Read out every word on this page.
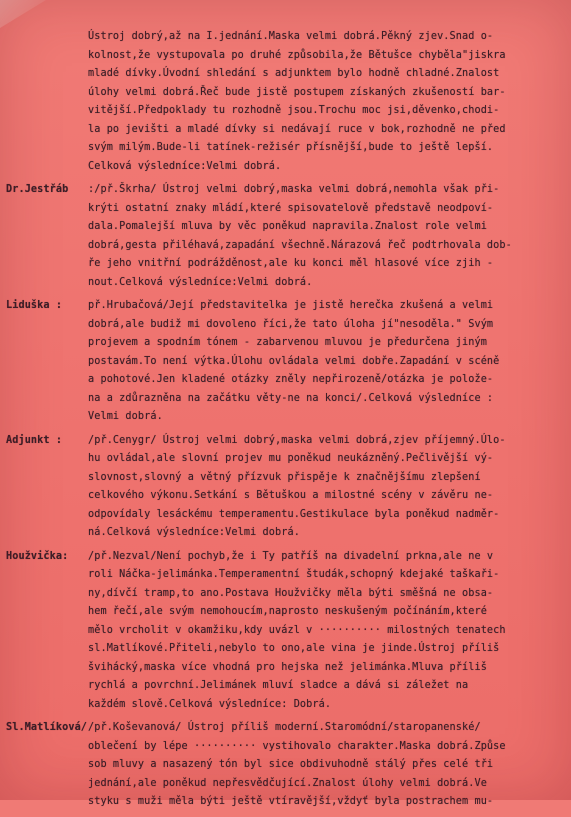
Ústroj dobrý,až na I.jednání.Maska velmi dobrá.Pěkný zjev.Snad o-
kolnost,že vystupovala po druhé způsobila,že Bětušce chyběla"jiskra
mladé dívky.Úvodní shledání s adjunktem bylo hodně chladné.Znalost
úlohy velmi dobrá.Řeč bude jistě postupem získaných zkušeností bar-
vitější.Předpoklady tu rozhodně jsou.Trochu moc jsi,děvenko,chodi-
la po jevišti a mladé dívky si nedávají ruce v bok,rozhodně ne před
svým milým.Bude-li tatínek-režisér přísnější,bude to ještě lepší.
Celková výsledníce:Velmi dobrá.
Dr.Jestřáb	:/př.Škrha/ Ústroj velmi dobrý,maska velmi dobrá,nemohla však při-
krýti ostatní znaky mládí,které spisovatelově představě neodpoví-
dala.Pomalejší mluva by věc poněkud napravila.Znalost role velmi
dobrá,gesta přiléhavá,zapadání všechně.Nárazová řeč podtrhovala dob-
ře jeho vnitřní podrážděnost,ale ku konci měl hlasové více zjih -
nout.Celková výsledníce:Velmi dobrá.
Liduška :	př.Hrubačová/Její představitelka je jistě herečka zkušená a velmi
dobrá,ale budiž mi dovoleno říci,že tato úloha jí"nesoděla." Svým
projevem a spodním tónem - zabarvenou mluvou je předurčena jiným
postavám.To není výtka.Úlohu ovládala velmi dobře.Zapadání v scéně
a pohotové.Jen kladené otázky zněly nepřirozeně/otázka je polože-
na a zdůrazněna na začátku věty-ne na konci/.Celková výsledníce :
Velmi dobrá.
Adjunkt :	/př.Cenygr/ Ústroj velmi dobrý,maska velmi dobrá,zjev příjemný.Úlo-
hu ovládal,ale slovní projev mu poněkud neukázněný.Pečlivější vý-
slovnost,slovný a větný přízvuk přispěje k značnějšímu zlepšení
celkového výkonu.Setkání s Bětuškou a milostné scény v závěru ne-
odpovídaly lesáckému temperamentu.Gestikulace byla poněkud nadměr-
ná.Celková výsledníce:Velmi dobrá.
Houžvička:	/př.Nezval/Není pochyb,že i Ty patříš na divadelní prkna,ale ne v
roli Náčka-jelimánka.Temperamentní študák,schopný kdejaké taškaři-
ny,dívčí tramp,to ano.Postava Houžvičky měla býti směšná ne obsa-
hem řečí,ale svým nemohoucím,naprosto neskušeným počínáním,které
mělo vrcholit v okamžiku,kdy uvázl v ·········· milostných tenatech
sl.Matlíkové.Přiteli,nebylo to ono,ale vina je jinde.Ústroj příliš
švihácký,maska více vhodná pro hejska než jelimánka.Mluva příliš
rychlá a povrchní.Jelimánek mluví sladce a dává si záležet na
každém slově.Celková výsledníce: Dobrá.
Sl.Matlíková/ /př.Koševanová/ Ústroj příliš moderní.Staromódní/staropanenské/
oblečení by lépe ·········· vystihovalo charakter.Maska dobrá.Způse
sob mluvy a nasazený tón byl sice obdivuhodně stálý přes celé tři
jednání,ale poněkud nepřesvědčující.Znalost úlohy velmi dobrá.Ve
styku s muži měla býti ještě vtíravější,vždyť byla postrachem mu-
